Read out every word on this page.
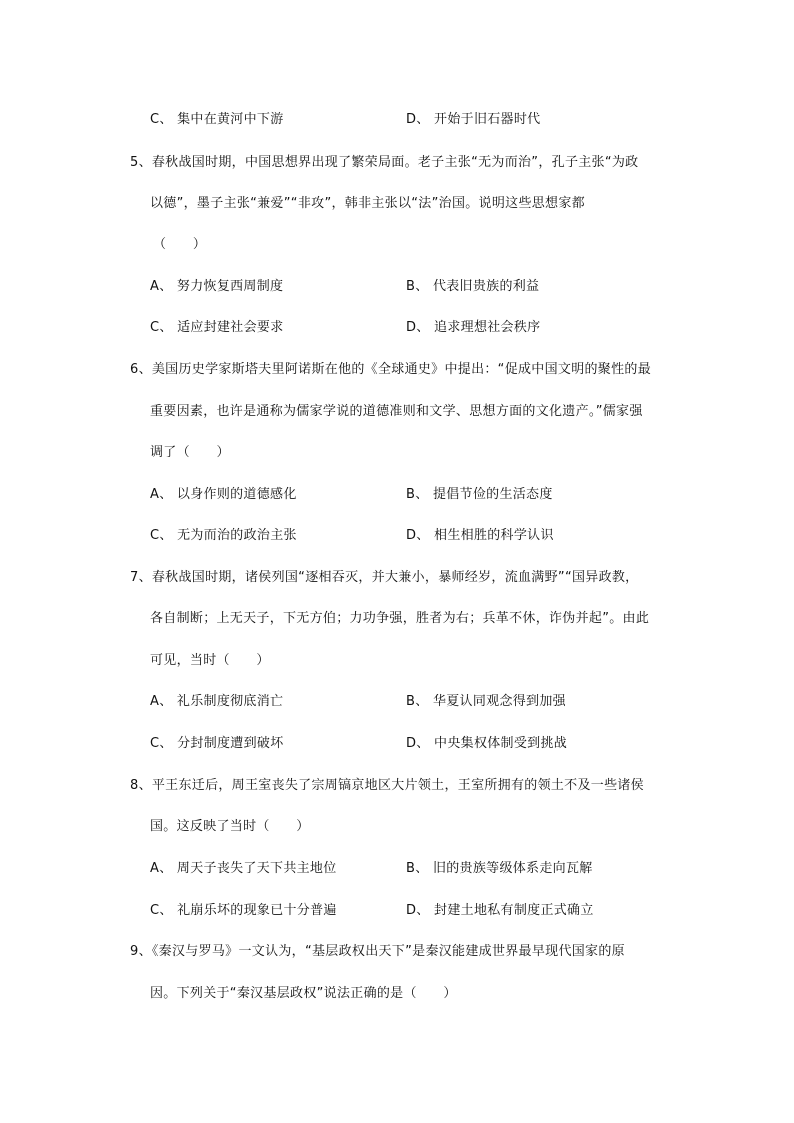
C、 集中在黄河中下游	D、 开始于旧石器时代
5、春秋战国时期，中国思想界出现了繁荣局面。老子主张“无为而治”，孔子主张“为政
以德”，墨子主张“兼爱”“非攻”，韩非主张以“法”治国。说明这些思想家都
（　　）
A、 努力恢复西周制度	B、 代表旧贵族的利益
C、 适应封建社会要求	D、 追求理想社会秩序
6、美国历史学家斯塔夫里阿诺斯在他的《全球通史》中提出：“促成中国文明的聚性的最
重要因素，也许是通称为儒家学说的道德准则和文学、思想方面的文化遗产。”儒家强
调了（　　）
A、 以身作则的道德感化	B、 提倡节俭的生活态度
C、 无为而治的政治主张	D、 相生相胜的科学认识
7、春秋战国时期，诸侯列国“逐相吞灭，并大兼小，暴师经岁，流血满野”“国异政教，
各自制断；上无天子，下无方伯；力功争强，胜者为右；兵革不休，诈伪并起”。由此
可见，当时（　　）
A、 礼乐制度彻底消亡	B、 华夏认同观念得到加强
C、 分封制度遭到破坏	D、 中央集权体制受到挑战
8、平王东迁后，周王室丧失了宗周镐京地区大片领土，王室所拥有的领土不及一些诸侯
国。这反映了当时（　　）
A、 周天子丧失了天下共主地位	B、 旧的贵族等级体系走向瓦解
C、 礼崩乐坏的现象已十分普遍	D、 封建土地私有制度正式确立
9、《秦汉与罗马》一文认为，“基层政权出天下”是秦汉能建成世界最早现代国家的原
因。下列关于“秦汉基层政权”说法正确的是（　　）
